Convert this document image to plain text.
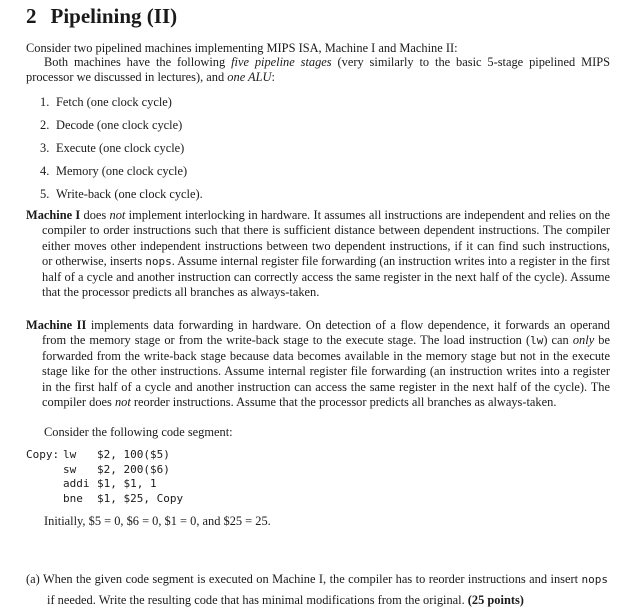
2 Pipelining (II)

Consider two pipelined machines implementing MIPS ISA, Machine I and Machine II:

Both machines have the following five pipeline stages (very similarly to the basic 5-stage pipelined MIPS processor we discussed in lectures), and one ALU:

1. Fetch (one clock cycle)
2. Decode (one clock cycle)
3. Execute (one clock cycle)
4. Memory (one clock cycle)
5. Write-back (one clock cycle).

Machine I does not implement interlocking in hardware. It assumes all instructions are independent and relies on the compiler to order instructions such that there is sufficient distance between dependent instructions. The compiler either moves other independent instructions between two dependent instructions, if it can find such instructions, or otherwise, inserts nops. Assume internal register file forwarding (an instruction writes into a register in the first half of a cycle and another instruction can correctly access the same register in the next half of the cycle). Assume that the processor predicts all branches as always-taken.

Machine II implements data forwarding in hardware. On detection of a flow dependence, it forwards an operand from the memory stage or from the write-back stage to the execute stage. The load instruction (lw) can only be forwarded from the write-back stage because data becomes available in the memory stage but not in the execute stage like for the other instructions. Assume internal register file forwarding (an instruction writes into a register in the first half of a cycle and another instruction can access the same register in the next half of the cycle). The compiler does not reorder instructions. Assume that the processor predicts all branches as always-taken.

Consider the following code segment:

Copy: lw	$2, 100($5)
sw	$2, 200($6)
addi $1, $1, 1
bne	$1, $25, Copy

Initially, $5 = 0, $6 = 0, $1 = 0, and $25 = 25.

(a) When the given code segment is executed on Machine I, the compiler has to reorder instructions and insert nops if needed. Write the resulting code that has minimal modifications from the original. (25 points)
